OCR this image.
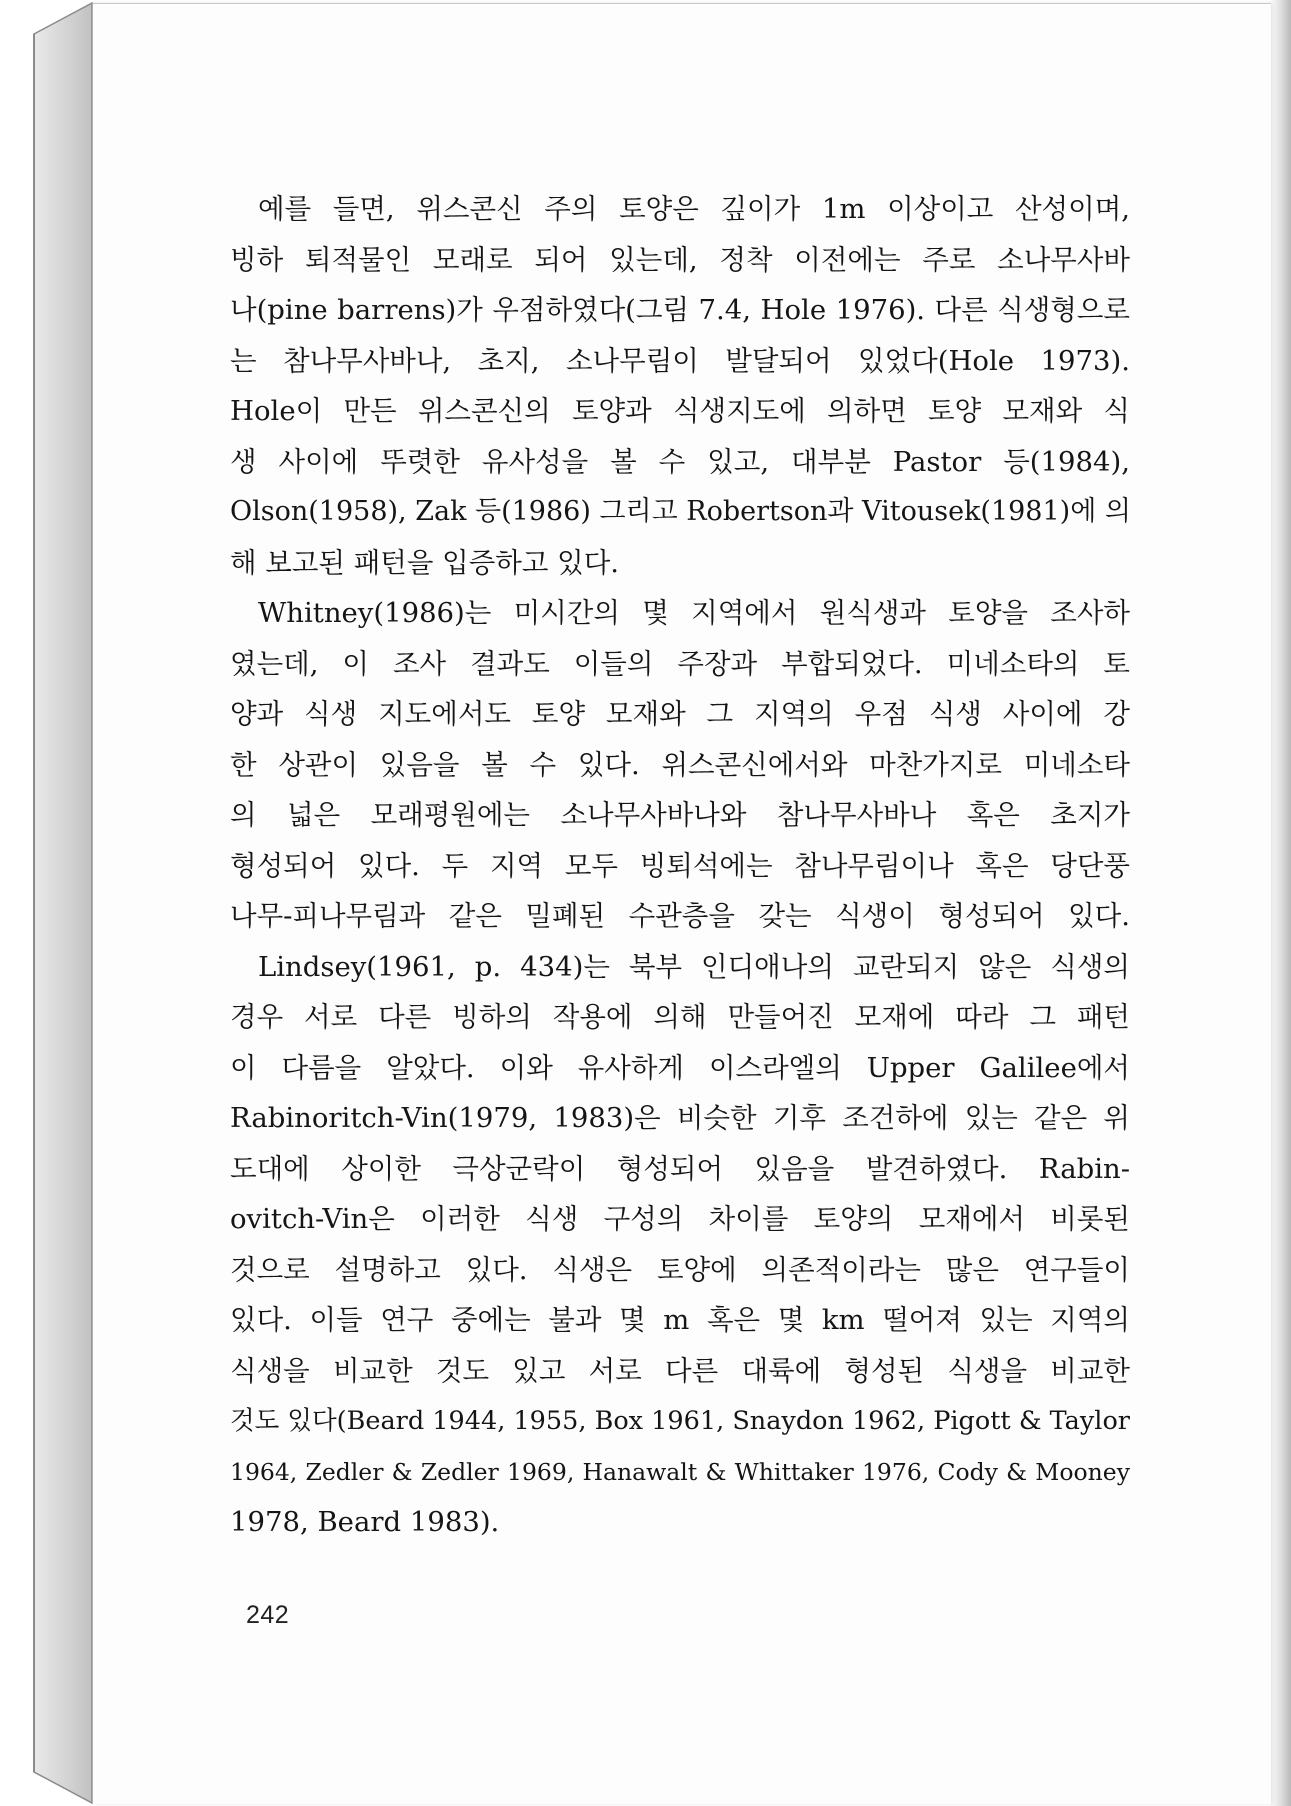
예를 들면, 위스콘신 주의 토양은 깊이가 1m 이상이고 산성이며,
빙하 퇴적물인 모래로 되어 있는데, 정착 이전에는 주로 소나무사바
나(pine barrens)가 우점하였다(그림 7.4, Hole 1976). 다른 식생형으로
는 참나무사바나, 초지, 소나무림이 발달되어 있었다(Hole 1973).
Hole이 만든 위스콘신의 토양과 식생지도에 의하면 토양 모재와 식
생 사이에 뚜렷한 유사성을 볼 수 있고, 대부분 Pastor 등(1984),
Olson(1958), Zak 등(1986) 그리고 Robertson과 Vitousek(1981)에 의
해 보고된 패턴을 입증하고 있다.
Whitney(1986)는 미시간의 몇 지역에서 원식생과 토양을 조사하
였는데, 이 조사 결과도 이들의 주장과 부합되었다. 미네소타의 토
양과 식생 지도에서도 토양 모재와 그 지역의 우점 식생 사이에 강
한 상관이 있음을 볼 수 있다. 위스콘신에서와 마찬가지로 미네소타
의 넓은 모래평원에는 소나무사바나와 참나무사바나 혹은 초지가
형성되어 있다. 두 지역 모두 빙퇴석에는 참나무림이나 혹은 당단풍
나무-피나무림과 같은 밀폐된 수관층을 갖는 식생이 형성되어 있다.
Lindsey(1961, p. 434)는 북부 인디애나의 교란되지 않은 식생의
경우 서로 다른 빙하의 작용에 의해 만들어진 모재에 따라 그 패턴
이 다름을 알았다. 이와 유사하게 이스라엘의 Upper Galilee에서
Rabinoritch-Vin(1979, 1983)은 비슷한 기후 조건하에 있는 같은 위
도대에 상이한 극상군락이 형성되어 있음을 발견하였다. Rabin-
ovitch-Vin은 이러한 식생 구성의 차이를 토양의 모재에서 비롯된
것으로 설명하고 있다. 식생은 토양에 의존적이라는 많은 연구들이
있다. 이들 연구 중에는 불과 몇 m 혹은 몇 km 떨어져 있는 지역의
식생을 비교한 것도 있고 서로 다른 대륙에 형성된 식생을 비교한
것도 있다(Beard 1944, 1955, Box 1961, Snaydon 1962, Pigott & Taylor
1964, Zedler & Zedler 1969, Hanawalt & Whittaker 1976, Cody & Mooney
1978, Beard 1983).
242
